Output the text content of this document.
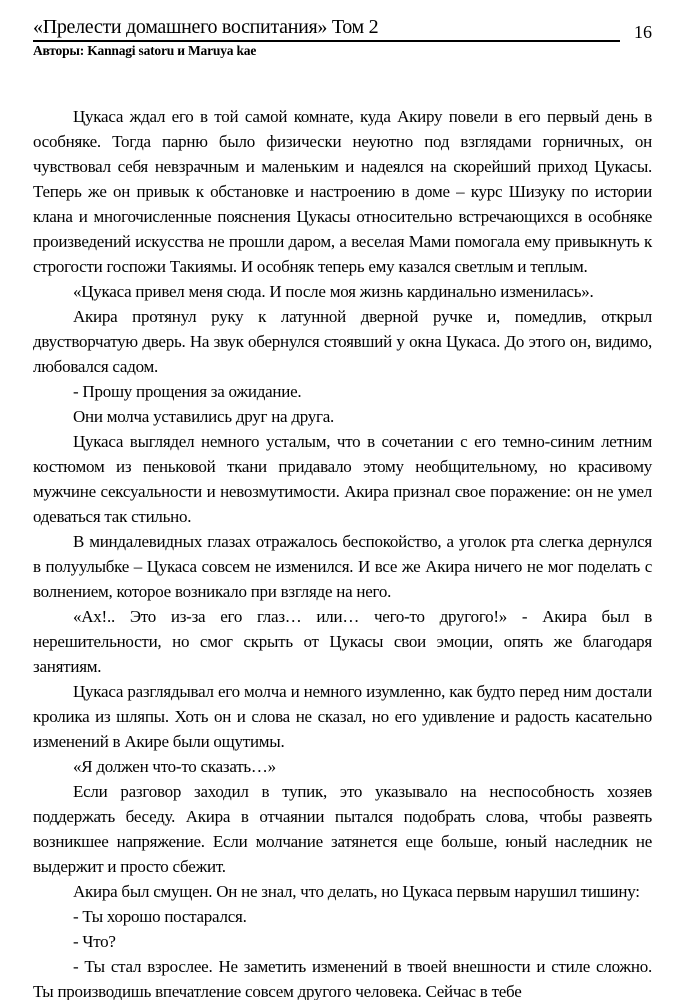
«Прелести домашнего воспитания» Том 2	16
Авторы: Kannagi satoru и Maruya kae

Цукаса ждал его в той самой комнате, куда Акиру повели в его первый день в особняке. Тогда парню было физически неуютно под взглядами горничных, он чувствовал себя невзрачным и маленьким и надеялся на скорейший приход Цукасы. Теперь же он привык к обстановке и настроению в доме – курс Шизуку по истории клана и многочисленные пояснения Цукасы относительно встречающихся в особняке произведений искусства не прошли даром, а веселая Мами помогала ему привыкнуть к строгости госпожи Такиямы. И особняк теперь ему казался светлым и теплым.

«Цукаса привел меня сюда. И после моя жизнь кардинально изменилась».

Акира протянул руку к латунной дверной ручке и, помедлив, открыл двустворчатую дверь. На звук обернулся стоявший у окна Цукаса. До этого он, видимо, любовался садом.

- Прошу прощения за ожидание.

Они молча уставились друг на друга.

Цукаса выглядел немного усталым, что в сочетании с его темно-синим летним костюмом из пеньковой ткани придавало этому необщительному, но красивому мужчине сексуальности и невозмутимости. Акира признал свое поражение: он не умел одеваться так стильно.

В миндалевидных глазах отражалось беспокойство, а уголок рта слегка дернулся в полуулыбке – Цукаса совсем не изменился. И все же Акира ничего не мог поделать с волнением, которое возникало при взгляде на него.

«Ах!.. Это из-за его глаз… или… чего-то другого!» - Акира был в нерешительности, но смог скрыть от Цукасы свои эмоции, опять же благодаря занятиям.

Цукаса разглядывал его молча и немного изумленно, как будто перед ним достали кролика из шляпы. Хоть он и слова не сказал, но его удивление и радость касательно изменений в Акире были ощутимы.

«Я должен что-то сказать…»

Если разговор заходил в тупик, это указывало на неспособность хозяев поддержать беседу. Акира в отчаянии пытался подобрать слова, чтобы развеять возникшее напряжение. Если молчание затянется еще больше, юный наследник не выдержит и просто сбежит.

Акира был смущен. Он не знал, что делать, но Цукаса первым нарушил тишину:

- Ты хорошо постарался.

- Что?

- Ты стал взрослее. Не заметить изменений в твоей внешности и стиле сложно. Ты производишь впечатление совсем другого человека. Сейчас в тебе
